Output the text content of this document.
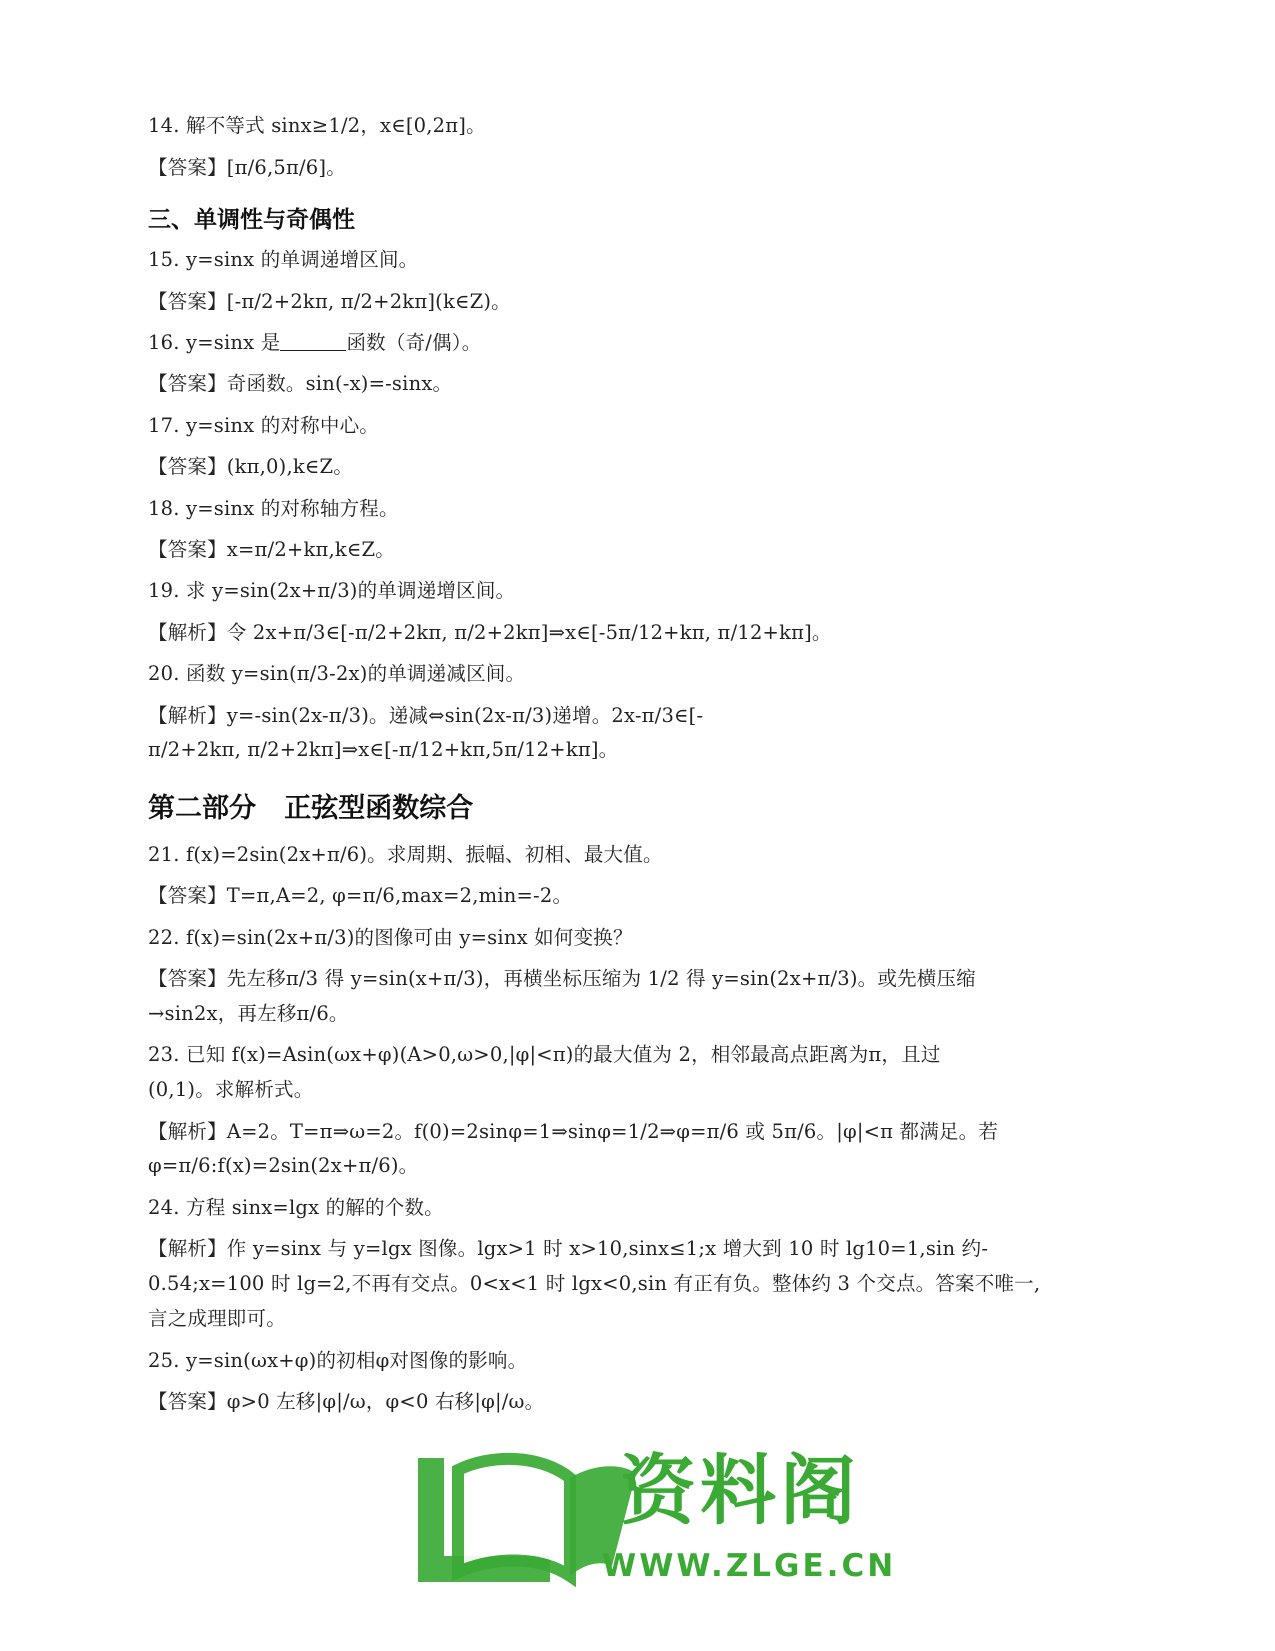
14. 解不等式 sinx≥1/2，x∈[0,2π]。
【答案】[π/6,5π/6]。
三、单调性与奇偶性
15. y=sinx 的单调递增区间。
【答案】[-π/2+2kπ, π/2+2kπ](k∈Z)。
16. y=sinx 是	函数（奇/偶）。
【答案】奇函数。sin(-x)=-sinx。
17. y=sinx 的对称中心。
【答案】(kπ,0),k∈Z。
18. y=sinx 的对称轴方程。
【答案】x=π/2+kπ,k∈Z。
19. 求 y=sin(2x+π/3)的单调递增区间。
【解析】令 2x+π/3∈[-π/2+2kπ, π/2+2kπ]⇒x∈[-5π/12+kπ, π/12+kπ]。
20. 函数 y=sin(π/3-2x)的单调递减区间。
【解析】y=-sin(2x-π/3)。递减⇔sin(2x-π/3)递增。2x-π/3∈[-
π/2+2kπ, π/2+2kπ]⇒x∈[-π/12+kπ,5π/12+kπ]。
第二部分   正弦型函数综合
21. f(x)=2sin(2x+π/6)。求周期、振幅、初相、最大值。
【答案】T=π,A=2, φ=π/6,max=2,min=-2。
22. f(x)=sin(2x+π/3)的图像可由 y=sinx 如何变换？
【答案】先左移π/3 得 y=sin(x+π/3)，再横坐标压缩为 1/2 得 y=sin(2x+π/3)。或先横压缩
→sin2x，再左移π/6。
23. 已知 f(x)=Asin(ωx+φ)(A>0,ω>0,|φ|<π)的最大值为 2，相邻最高点距离为π，且过
(0,1)。求解析式。
【解析】A=2。T=π⇒ω=2。f(0)=2sinφ=1⇒sinφ=1/2⇒φ=π/6 或 5π/6。|φ|<π 都满足。若
φ=π/6:f(x)=2sin(2x+π/6)。
24. 方程 sinx=lgx 的解的个数。
【解析】作 y=sinx 与 y=lgx 图像。lgx>1 时 x>10,sinx≤1;x 增大到 10 时 lg10=1,sin 约-
0.54;x=100 时 lg=2,不再有交点。0<x<1 时 lgx<0,sin 有正有负。整体约 3 个交点。答案不唯一,
言之成理即可。
25. y=sin(ωx+φ)的初相φ对图像的影响。
【答案】φ>0 左移|φ|/ω，φ<0 右移|φ|/ω。
资料阁
WWW.ZLGE.CN
